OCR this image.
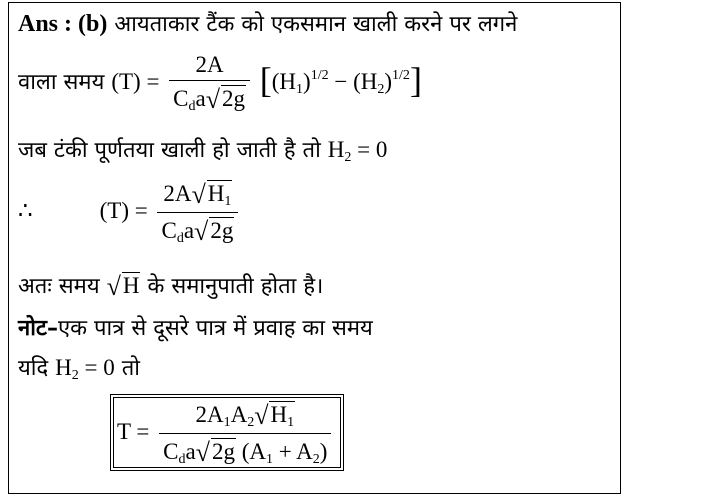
Ans : (b) आयताकार टैंक को एकसमान खाली करने पर लगने
वाला समय $(T) = \frac{2A}{C_da√2g} [(H_1)^{1/2} - (H_2)^{1/2}]$
जब टंकी पूर्णतया खाली हो जाती है तो $H_2 = 0$
∴	$(T) = \frac{2A√H_1}{C_da√2g}$
अतः समय √H के समानुपाती होता है।
नोट–एक पात्र से दूसरे पात्र में प्रवाह का समय
यदि $H_2 = 0$ तो
$T = \frac{2A_1A_2√H_1}{C_da√2g (A_1 + A_2)}$
